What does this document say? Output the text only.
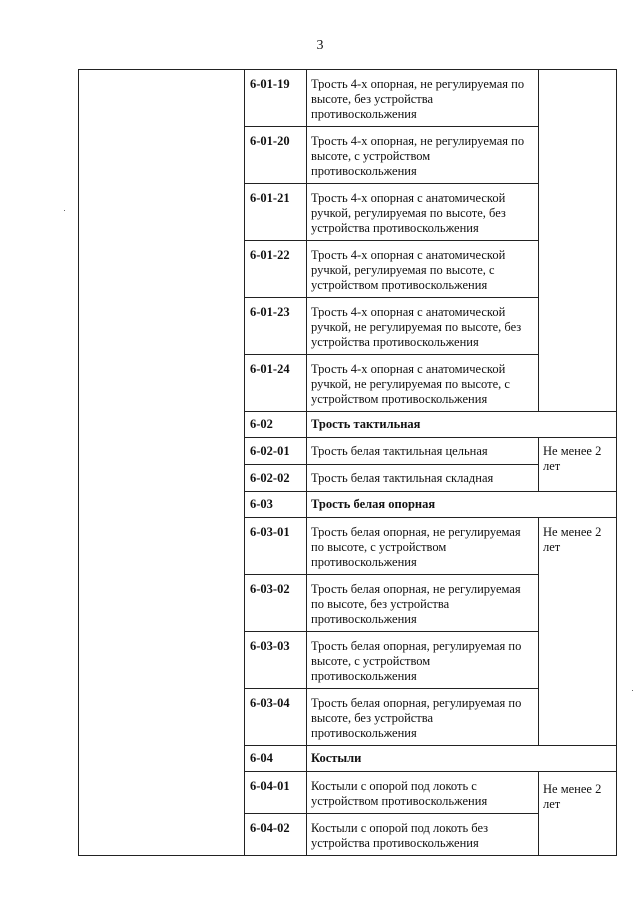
3
	6-01-19	Трость 4-х опорная, не регулируемая по высоте, без устройства противоскольжения	
	6-01-20	Трость 4-х опорная, не регулируемая по высоте, с устройством противоскольжения	
	6-01-21	Трость 4-х опорная с анатомической ручкой, регулируемая по высоте, без устройства противоскольжения	
	6-01-22	Трость 4-х опорная с анатомической ручкой, регулируемая по высоте, с устройством противоскольжения	
	6-01-23	Трость 4-х опорная с анатомической ручкой, не регулируемая по высоте, без устройства противоскольжения	
	6-01-24	Трость 4-х опорная с анатомической ручкой, не регулируемая по высоте, с устройством противоскольжения	
	6-02	Трость тактильная	
	6-02-01	Трость белая тактильная цельная	Не менее 2 лет
	6-02-02	Трость белая тактильная складная	
	6-03	Трость белая опорная	
	6-03-01	Трость белая опорная, не регулируемая по высоте, с устройством противоскольжения	Не менее 2 лет
	6-03-02	Трость белая опорная, не регулируемая по высоте, без устройства противоскольжения	
	6-03-03	Трость белая опорная, регулируемая по высоте, с устройством противоскольжения	
	6-03-04	Трость белая опорная, регулируемая по высоте, без устройства противоскольжения	
	6-04	Костыли	
	6-04-01	Костыли с опорой под локоть с устройством противоскольжения	Не менее 2 лет
	6-04-02	Костыли с опорой под локоть без устройства противоскольжения	
